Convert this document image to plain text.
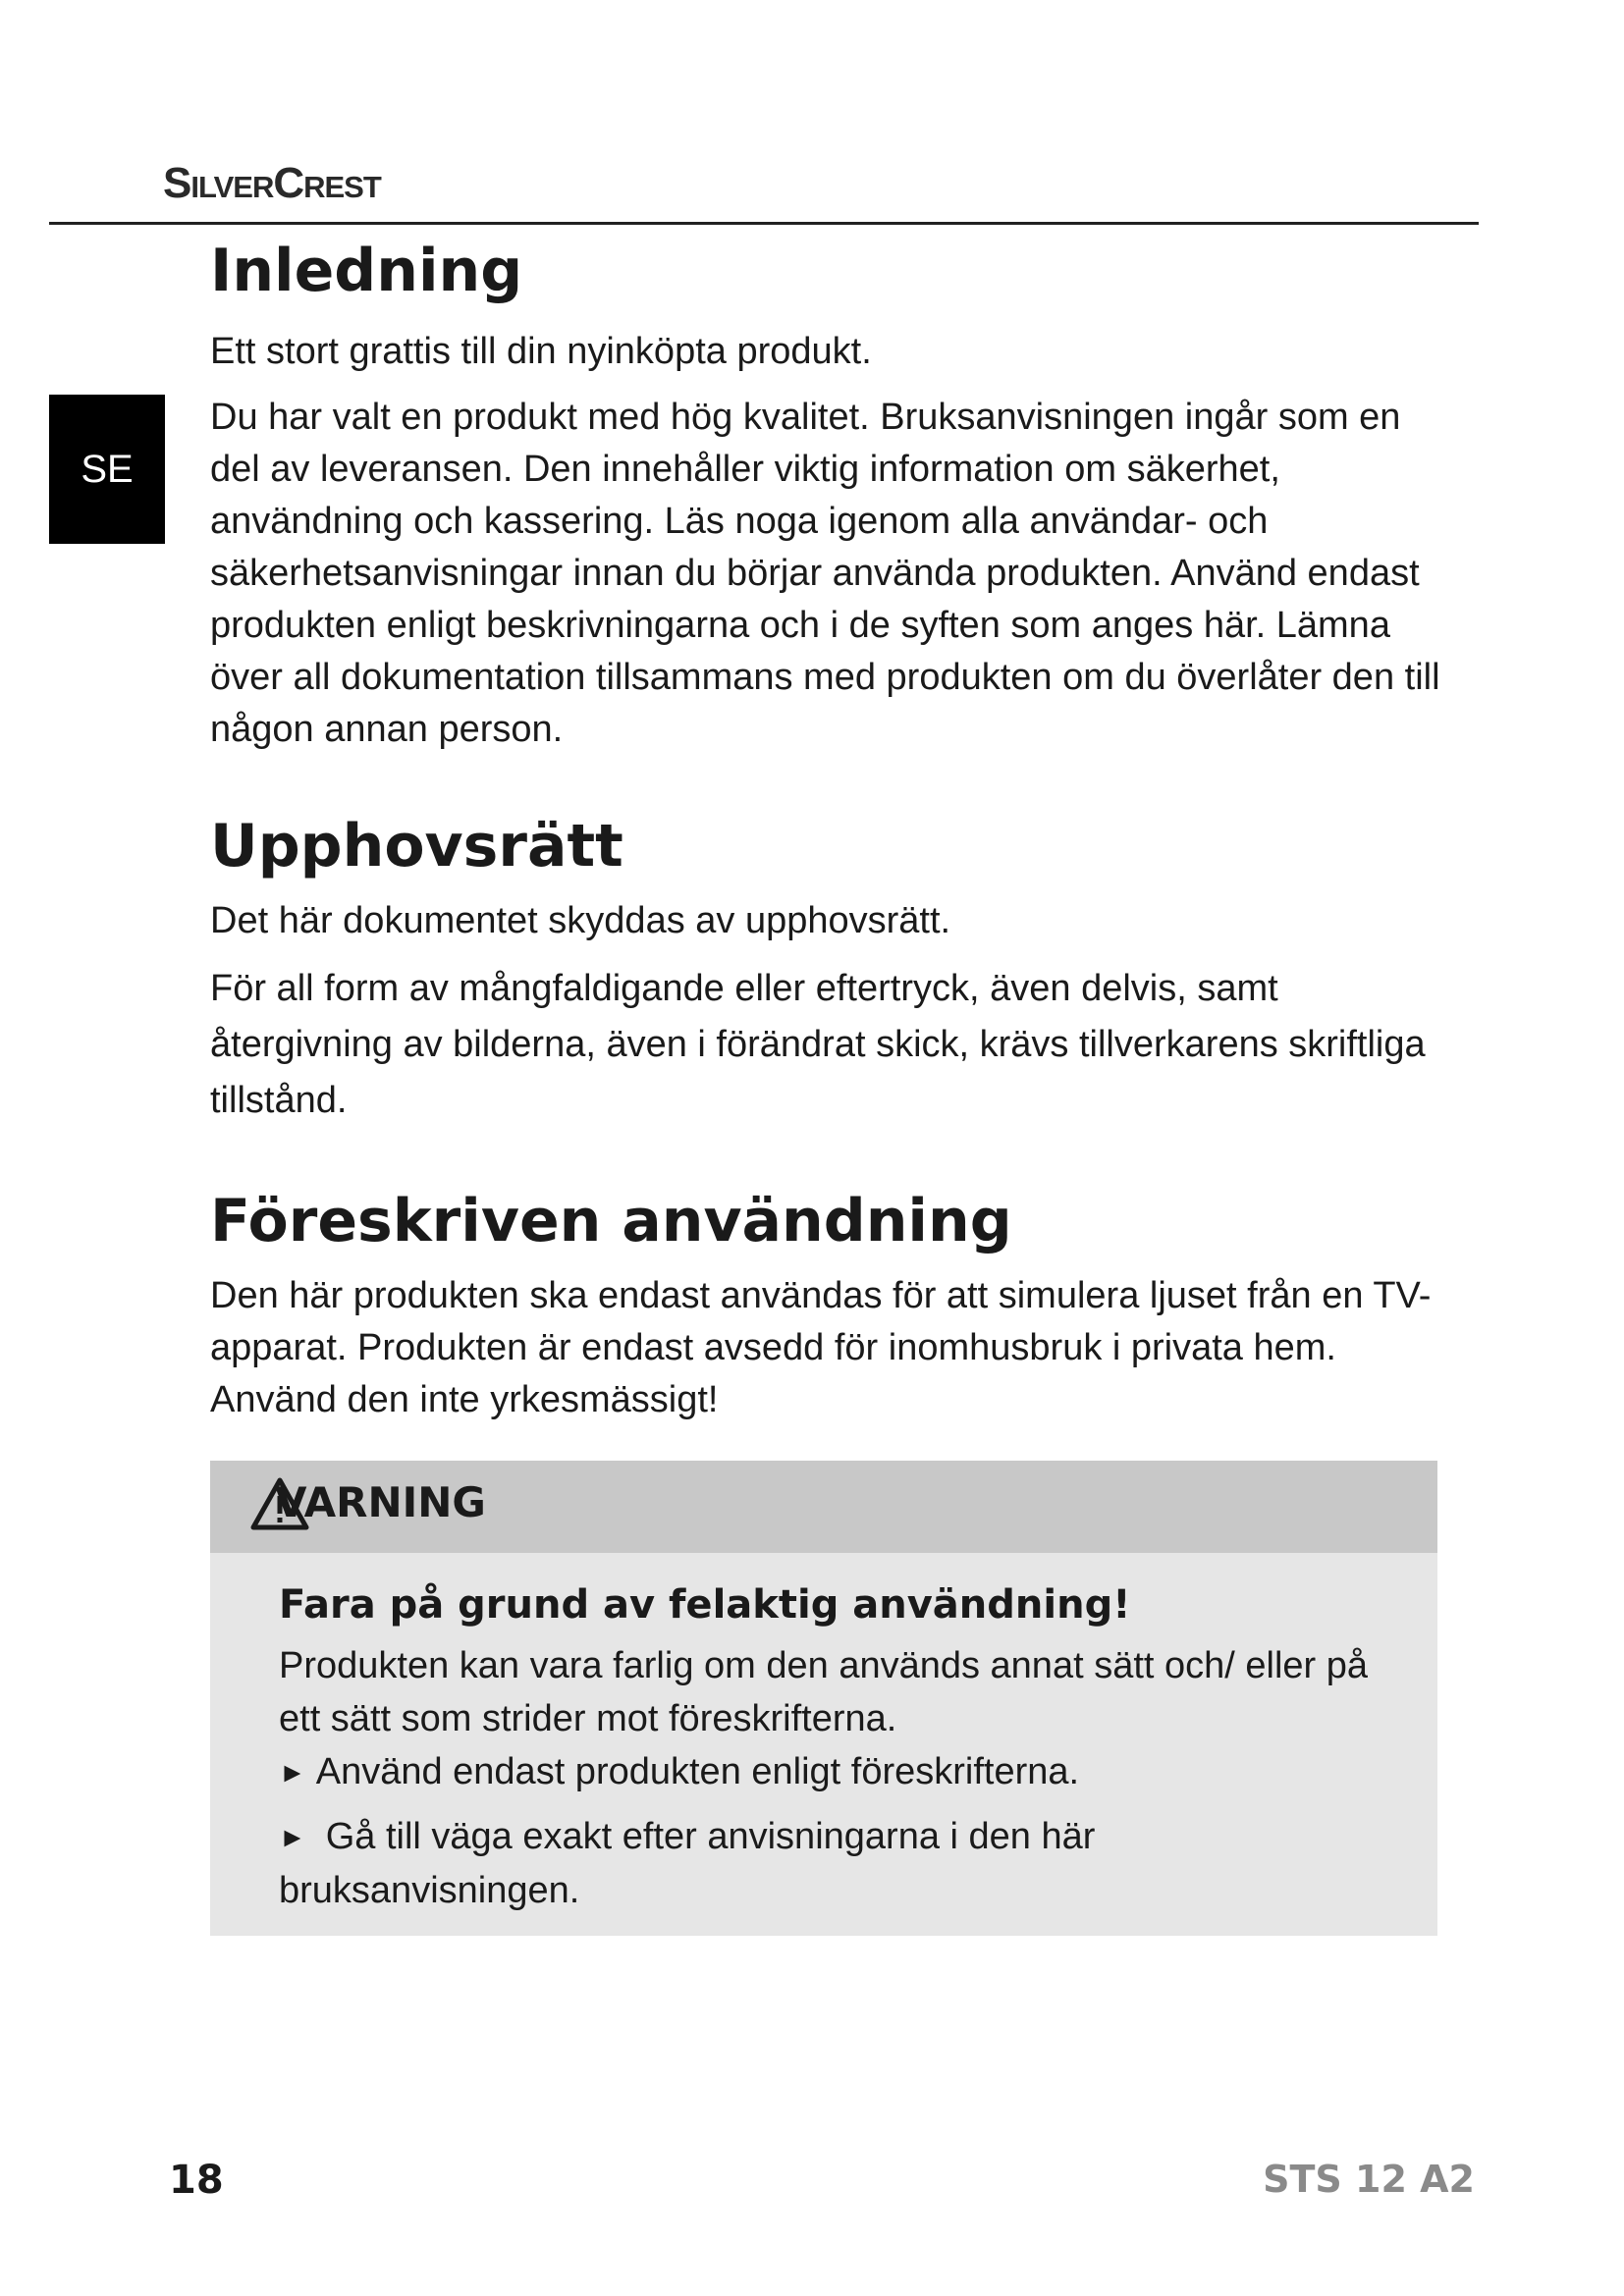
SilverCrest
SE
Inledning

Ett stort grattis till din nyinköpta produkt.

Du har valt en produkt med hög kvalitet. Bruksanvisningen ingår som en del av leveransen. Den innehåller viktig information om säkerhet, användning och kassering. Läs noga igenom alla användar- och säkerhetsanvisningar innan du börjar använda produkten. Använd endast produkten enligt beskrivningarna och i de syften som anges här. Lämna över all dokumentation tillsammans med produkten om du överlåter den till någon annan person.

Upphovsrätt

Det här dokumentet skyddas av upphovsrätt.

För all form av mångfaldigande eller eftertryck, även delvis, samt återgivning av bilderna, även i förändrat skick, krävs tillverkarens skriftliga tillstånd.

Föreskriven användning

Den här produkten ska endast användas för att simulera ljuset från en TV-apparat. Produkten är endast avsedd för inomhusbruk i privata hem. Använd den inte yrkesmässigt!

VARNING
Fara på grund av felaktig användning!
Produkten kan vara farlig om den används annat sätt och/ eller på ett sätt som strider mot föreskrifterna.
► Använd endast produkten enligt föreskrifterna.
► Gå till väga exakt efter anvisningarna i den här bruksanvisningen.
18	STS 12 A2
